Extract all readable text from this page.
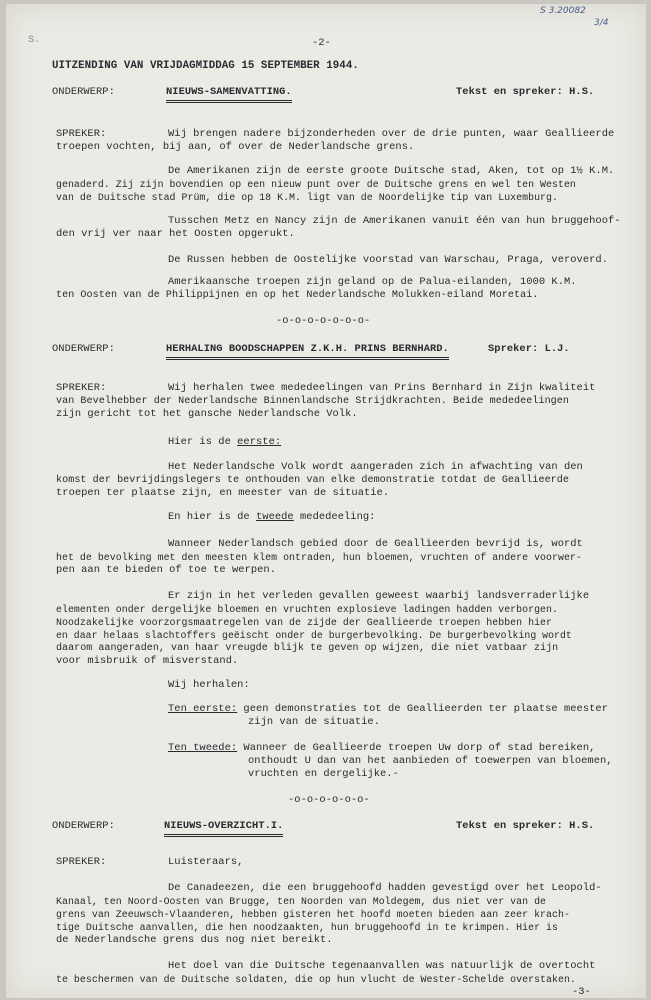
S 3.20082
3/4
S.	-2-
UITZENDING VAN VRIJDAGMIDDAG 15 SEPTEMBER 1944.
ONDERWERP:	NIEUWS-SAMENVATTING.	Tekst en spreker: H.S.
SPREKER:	Wij brengen nadere bijzonderheden over de drie punten, waar Geallieerde
troepen vochten, bij aan, of over de Nederlandsche grens.
De Amerikanen zijn de eerste groote Duitsche stad, Aken, tot op 1½ K.M.
genaderd. Zij zijn bovendien op een nieuw punt over de Duitsche grens en wel ten Westen
van de Duitsche stad Prüm, die op 18 K.M. ligt van de Noordelijke tip van Luxemburg.
Tusschen Metz en Nancy zijn de Amerikanen vanuit één van hun bruggehoof-
den vrij ver naar het Oosten opgerukt.
De Russen hebben de Oostelijke voorstad van Warschau, Praga, veroverd.
Amerikaansche troepen zijn geland op de Palua-eilanden, 1000 K.M.
ten Oosten van de Philippijnen en op het Nederlandsche Molukken-eiland Moretai.
-o-o-o-o-o-o-o-
ONDERWERP:	HERHALING BOODSCHAPPEN Z.K.H. PRINS BERNHARD.	Spreker: L.J.
SPREKER:	Wij herhalen twee mededeelingen van Prins Bernhard in Zijn kwaliteit
van Bevelhebber der Nederlandsche Binnenlandsche Strijdkrachten. Beide mededeelingen
zijn gericht tot het gansche Nederlandsche Volk.
Hier is de eerste:
Het Nederlandsche Volk wordt aangeraden zich in afwachting van den
komst der bevrijdingslegers te onthouden van elke demonstratie totdat de Geallieerde
troepen ter plaatse zijn, en meester van de situatie.
En hier is de tweede mededeeling:
Wanneer Nederlandsch gebied door de Geallieerden bevrijd is, wordt
het de bevolking met den meesten klem ontraden, hun bloemen, vruchten of andere voorwer-
pen aan te bieden of toe te werpen.
Er zijn in het verleden gevallen geweest waarbij landsverraderlijke
elementen onder dergelijke bloemen en vruchten explosieve ladingen hadden verborgen.
Noodzakelijke voorzorgsmaatregelen van de zijde der Geallieerde troepen hebben hier
en daar helaas slachtoffers geëischt onder de burgerbevolking. De burgerbevolking wordt
daarom aangeraden, van haar vreugde blijk te geven op wijzen, die niet vatbaar zijn
voor misbruik of misverstand.
Wij herhalen:
Ten eerste: geen demonstraties tot de Geallieerden ter plaatse meester
zijn van de situatie.
Ten tweede: Wanneer de Geallieerde troepen Uw dorp of stad bereiken,
onthoudt U dan van het aanbieden of toewerpen van bloemen,
vruchten en dergelijke.-
-o-o-o-o-o-o-
ONDERWERP:	NIEUWS-OVERZICHT.I.	Tekst en spreker: H.S.
SPREKER:	Luisteraars,
De Canadeezen, die een bruggehoofd hadden gevestigd over het Leopold-
Kanaal, ten Noord-Oosten van Brugge, ten Noorden van Moldegem, dus niet ver van de
grens van Zeeuwsch-Vlaanderen, hebben gisteren het hoofd moeten bieden aan zeer krach-
tige Duitsche aanvallen, die hen noodzaakten, hun bruggehoofd in te krimpen. Hier is
de Nederlandsche grens dus nog niet bereikt.
Het doel van die Duitsche tegenaanvallen was natuurlijk de overtocht
te beschermen van de Duitsche soldaten, die op hun vlucht de Wester-Schelde overstaken.
-3-
